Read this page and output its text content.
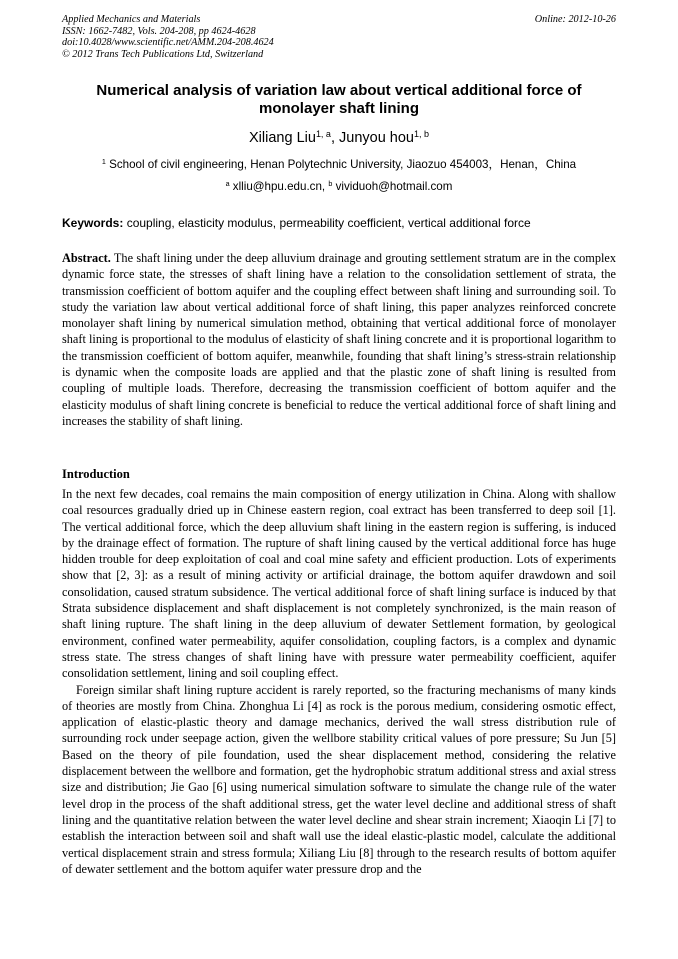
Applied Mechanics and Materials
ISSN: 1662-7482, Vols. 204-208, pp 4624-4628
doi:10.4028/www.scientific.net/AMM.204-208.4624
© 2012 Trans Tech Publications Ltd, Switzerland
Online: 2012-10-26
Numerical analysis of variation law about vertical additional force of monolayer shaft lining
Xiliang Liu$^{1, a}$, Junyou hou$^{1, b}$
$^1$ School of civil engineering, Henan Polytechnic University, Jiaozuo 454003，Henan，China
$^a$ xlliu@hpu.edu.cn, $^b$ vividuoh@hotmail.com
Keywords: coupling, elasticity modulus, permeability coefficient, vertical additional force
Abstract. The shaft lining under the deep alluvium drainage and grouting settlement stratum are in the complex dynamic force state, the stresses of shaft lining have a relation to the consolidation settlement of strata, the transmission coefficient of bottom aquifer and the coupling effect between shaft lining and surrounding soil. To study the variation law about vertical additional force of shaft lining, this paper analyzes reinforced concrete monolayer shaft lining by numerical simulation method, obtaining that vertical additional force of monolayer shaft lining is proportional to the modulus of elasticity of shaft lining concrete and it is proportional logarithm to the transmission coefficient of bottom aquifer, meanwhile, founding that shaft lining’s stress-strain relationship is dynamic when the composite loads are applied and that the plastic zone of shaft lining is resulted from coupling of multiple loads. Therefore, decreasing the transmission coefficient of bottom aquifer and the elasticity modulus of shaft lining concrete is beneficial to reduce the vertical additional force of shaft lining and increases the stability of shaft lining.
Introduction

In the next few decades, coal remains the main composition of energy utilization in China. Along with shallow coal resources gradually dried up in Chinese eastern region, coal extract has been transferred to deep soil [1]. The vertical additional force, which the deep alluvium shaft lining in the eastern region is suffering, is induced by the drainage effect of formation. The rupture of shaft lining caused by the vertical additional force has huge hidden trouble for deep exploitation of coal and coal mine safety and efficient production. Lots of experiments show that [2, 3]: as a result of mining activity or artificial drainage, the bottom aquifer drawdown and soil consolidation, caused stratum subsidence. The vertical additional force of shaft lining surface is induced by that Strata subsidence displacement and shaft displacement is not completely synchronized, is the main reason of shaft lining rupture. The shaft lining in the deep alluvium of dewater Settlement formation, by geological environment, confined water permeability, aquifer consolidation, coupling factors, is a complex and dynamic stress state. The stress changes of shaft lining have with pressure water permeability coefficient, aquifer consolidation settlement, lining and soil coupling effect.

Foreign similar shaft lining rupture accident is rarely reported, so the fracturing mechanisms of many kinds of theories are mostly from China. Zhonghua Li [4] as rock is the porous medium, considering osmotic effect, application of elastic-plastic theory and damage mechanics, derived the wall stress distribution rule of surrounding rock under seepage action, given the wellbore stability critical values of pore pressure; Su Jun [5] Based on the theory of pile foundation, used the shear displacement method, considering the relative displacement between the wellbore and formation, get the hydrophobic stratum additional stress and axial stress size and distribution; Jie Gao [6] using numerical simulation software to simulate the change rule of the water level drop in the process of the shaft additional stress, get the water level decline and additional stress of shaft lining and the quantitative relation between the water level decline and shear strain increment; Xiaoqin Li [7] to establish the interaction between soil and shaft wall use the ideal elastic-plastic model, calculate the additional vertical displacement strain and stress formula; Xiliang Liu [8] through to the research results of bottom aquifer of dewater settlement and the bottom aquifer water pressure drop and the
